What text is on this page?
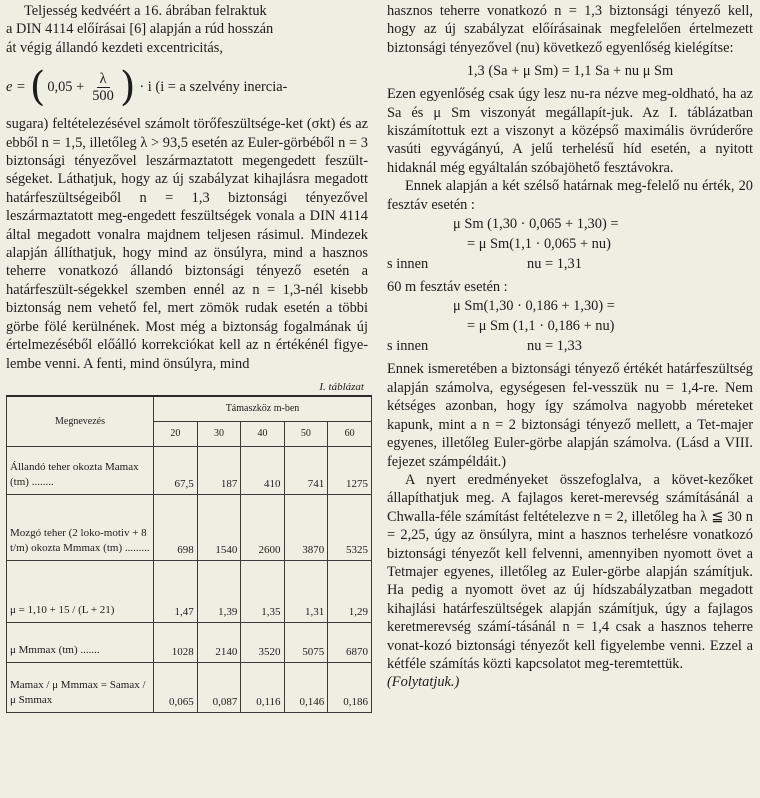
Teljesség kedvéért a 16. ábrában felraktuk

a DIN 4114 előírásai [6] alapján a rúd hosszán

át végig állandó kezdeti excentricitás,

e = ( $0,05 + \frac{\lambda}{500}$ ) · i (i = a szelvény inercia-

sugara) feltételezésével számolt törőfeszültsége-ket (σkt) és az ebből n = 1,5, illetőleg λ > 93,5 esetén az Euler-görbéből n = 3 biztonsági tényezővel leszármaztatott megengedett feszült-ségeket. Láthatjuk, hogy az új szabályzat kihajlásra megadott határfeszültségeiből n = 1,3 biztonsági tényezővel leszármaztatott meg-engedett feszültségek vonala a DIN 4114 által megadott vonalra majdnem teljesen rásimul. Mindezek alapján állíthatjuk, hogy mind az önsúlyra, mind a hasznos teherre vonatkozó állandó biztonsági tényező esetén a határfeszült-ségekkel szemben ennél az n = 1,3-nél kisebb biztonság nem vehető fel, mert zömök rudak esetén a többi görbe fölé kerülnének. Most még a biztonság fogalmának új értelmezéséből előálló korrekciókat kell az n értékénél figye-lembe venni. A fenti, mind önsúlyra, mind

I. táblázat
Megnevezés	Támaszköz m-ben				
	20	30	40	50	60
Állandó teher okozta Mamax (tm) ........	67,5	187	410	741	1275
Mozgó teher (2 loko-motiv + 8 t/m) okozta Mmmax (tm) .........	698	1540	2600	3870	5325
μ = 1,10 + 15 / (L + 21)	1,47	1,39	1,35	1,31	1,29
μ Mmmax (tm) .......	1028	2140	3520	5075	6870
Mamax / μ Mmmax = Samax / μ Smmax	0,065	0,087	0,116	0,146	0,186

hasznos teherre vonatkozó n = 1,3 biztonsági tényező kell, hogy az új szabályzat előírásainak megfelelően értelmezett biztonsági tényezővel (nu) következő egyenlőség kielégítse:

1,3 (Sa + μ Sm) = 1,1 Sa + nu μ Sm

Ezen egyenlőség csak úgy lesz nu-ra nézve meg-oldható, ha az Sa és μ Sm viszonyát megállapít-juk. Az I. táblázatban kiszámítottuk ezt a viszonyt a középső maximális övrúderőre vasúti egyvágányú, A jelű terhelésű híd esetén, a nyitott hidaknál még egyáltalán szóbajöhető fesztávokra.

Ennek alapján a két szélső határnak meg-felelő nu érték, 20 fesztáv esetén :

μ Sm (1,30 · 0,065 + 1,30) =

= μ Sm(1,1 · 0,065 + nu)

s innen	nu = 1,31

60 m fesztáv esetén :

μ Sm(1,30 · 0,186 + 1,30) =

= μ Sm (1,1 · 0,186 + nu)

s innen	nu = 1,33

Ennek ismeretében a biztonsági tényező értékét határfeszültség alapján számolva, egységesen fel-vesszük nu = 1,4-re. Nem kétséges azonban, hogy így számolva nagyobb méreteket kapunk, mint a n = 2 biztonsági tényező mellett, a Tet-majer egyenes, illetőleg Euler-görbe alapján számolva. (Lásd a VIII. fejezet számpéldáit.)

A nyert eredményeket összefoglalva, a követ-kezőket állapíthatjuk meg. A fajlagos keret-merevség számításánál a Chwalla-féle számítást feltételezve n = 2, illetőleg ha λ ≦ 30 n = 2,25, úgy az önsúlyra, mint a hasznos terhelésre vonatkozó biztonsági tényezőt kell felvenni, amennyiben nyomott övet a Tetmajer egyenes, illetőleg az Euler-görbe alapján számítjuk. Ha pedig a nyomott övet az új hídszabályzatban megadott kihajlási határfeszültségek alapján számítjuk, úgy a fajlagos keretmerevség számí-tásánál n = 1,4 csak a hasznos teherre vonat-kozó biztonsági tényezőt kell figyelembe venni. Ezzel a kétféle számítás közti kapcsolatot meg-teremtettük.

(Folytatjuk.)
